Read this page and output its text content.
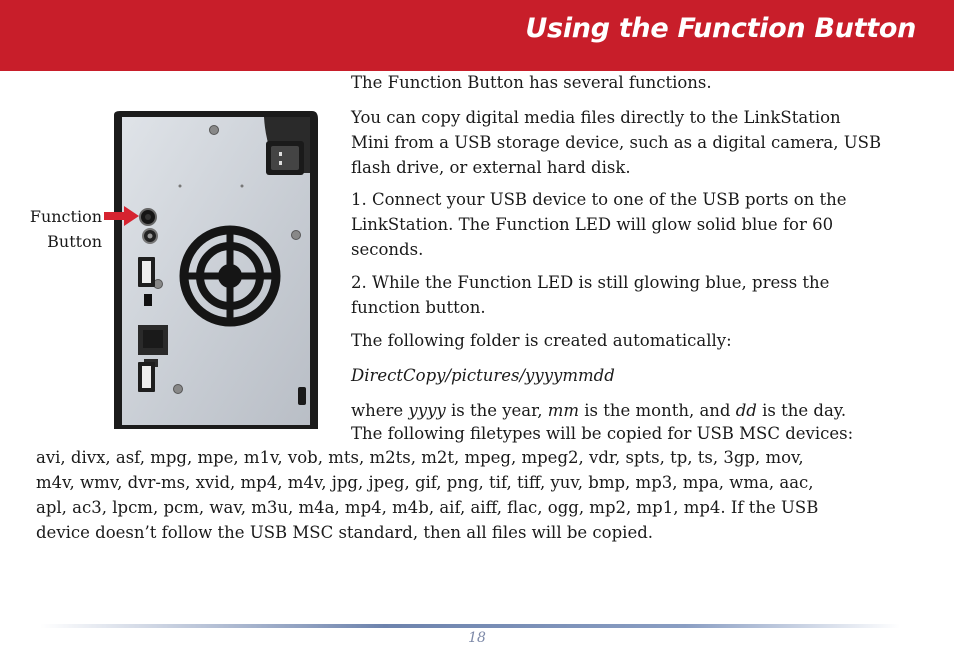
Using the Function Button
Function
Button

The Function Button has several functions.

You can copy digital media files directly to the LinkStation

Mini from a USB storage device, such as a digital camera, USB

flash drive, or external hard disk.

1. Connect your USB device to one of the USB ports on the

LinkStation. The Function LED will glow solid blue for 60

seconds.

2. While the Function LED is still glowing blue, press the

function button.

The following folder is created automatically:

DirectCopy/pictures/yyyymmdd

where yyyy is the year, mm is the month, and dd is the day.

The following filetypes will be copied for USB MSC devices:

avi, divx, asf, mpg, mpe, m1v, vob, mts, m2ts, m2t, mpeg, mpeg2, vdr, spts, tp, ts, 3gp, mov,

m4v, wmv, dvr-ms, xvid, mp4, m4v, jpg, jpeg, gif, png, tif, tiff, yuv, bmp, mp3, mpa, wma, aac,

apl, ac3, lpcm, pcm, wav, m3u, m4a, mp4, m4b, aif, aiff, flac, ogg, mp2, mp1, mp4. If the USB

device doesn’t follow the USB MSC standard, then all files will be copied.

18
